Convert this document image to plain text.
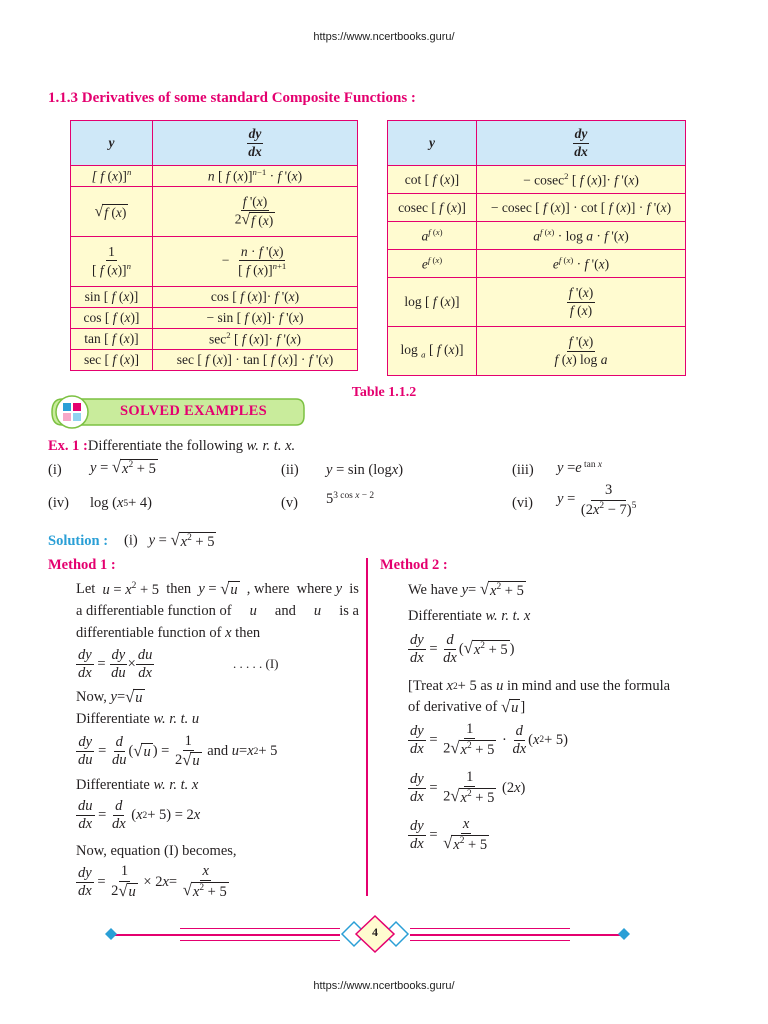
https://www.ncertbooks.guru/
1.1.3 Derivatives of some standard Composite Functions :
y	$\frac{dy}{dx}$

[ f (x)]$^n$	n [ f (x)]$^{n-1}$ · f '(x)

√ f (x)	$\frac{f '(x)}{2 √ f (x)}$

$\frac{1}{[ f (x)]^n}$	− $\frac{n \cdot f '(x)}{[ f (x)]^{n+1}}$

sin [ f (x)]	cos [ f (x)]· f '(x)
cos [ f (x)]	− sin [ f (x)]· f '(x)
tan [ f (x)]	$\sec^2$ [ f (x)]· f '(x)
sec [ f (x)]	sec [ f (x)] · tan [ f (x)] · f '(x)
y	$\frac{dy}{dx}$

cot [ f (x)]	− cosec$^2$ [ f (x)]· f '(x)
cosec [ f (x)]	− cosec [ f (x)] · cot [ f (x)] · f '(x)
$a^{f (x)}$	$a^{f (x)} \cdot \log a \cdot f$ '(x)
$e^{f (x)}$	$e^{f (x)} \cdot f$ '(x)
log [ f (x)]	$\frac{f '(x)}{f (x)}$

log $_a$ [ f (x)]	$\frac{f '(x)}{\text{f (x) log a}}$
Table 1.1.2
SOLVED EXAMPLES
Ex. 1 : Differentiate the following
w. r. t. x.
(i) y = √ $x^2 + 5$	(ii) y = sin (log x )	(iii) y = e $^{tan x}$
(iv) log ( x 5 + 4)	(v) $5^{3 cos x - 2}$	(vi) $y = \frac{3}{(2x^2 - 7)^5}$
Solution : (i)   y = √ $x^2 + 5$
Method 1 :
Let $u = x^2 + 5$ then y = √ u , where where y is
a differentiable function of u and u is a
differentiable function of
x
then
$\frac{dy}{dx} = \frac{dy}{du} \times \frac{du}{dx}$	. . . . . (I)
Now,
y = √ u
Differentiate
w. r. t. u
$\frac{dy}{du} = \frac{d}{du}$ ( √ u ) = $\frac{1}{2 √ u}$
and
u = x 2 + 5
Differentiate
w. r. t. x
$\frac{du}{dx} = \frac{d}{dx}$ ( x 2 + 5) = 2 x
Now, equation (I) becomes,
$\frac{dy}{dx} = \frac{1}{2 √ u} \times 2$ $x = \frac{x}{√ x^2 + 5}$
Method 2 :
We have
y = √ $x^2 + 5$
Differentiate
w. r. t. x
$\frac{dy}{dx} = \frac{d}{dx}$ ( √ $x^2 + 5$ )
[Treat
x 2 + 5 as
u
in mind and use the formula
of derivative of
√ u ]
$\frac{dy}{dx} = \frac{1}{2 √ x^2 + 5} \cdot \frac{d}{dx}$ ( x 2 + 5)
$\frac{dy}{dx} = \frac{1}{2 √ x^2 + 5} (2$ x )
$\frac{dy}{dx} = \frac{x}{√ x^2 + 5}$
4
https://www.ncertbooks.guru/
